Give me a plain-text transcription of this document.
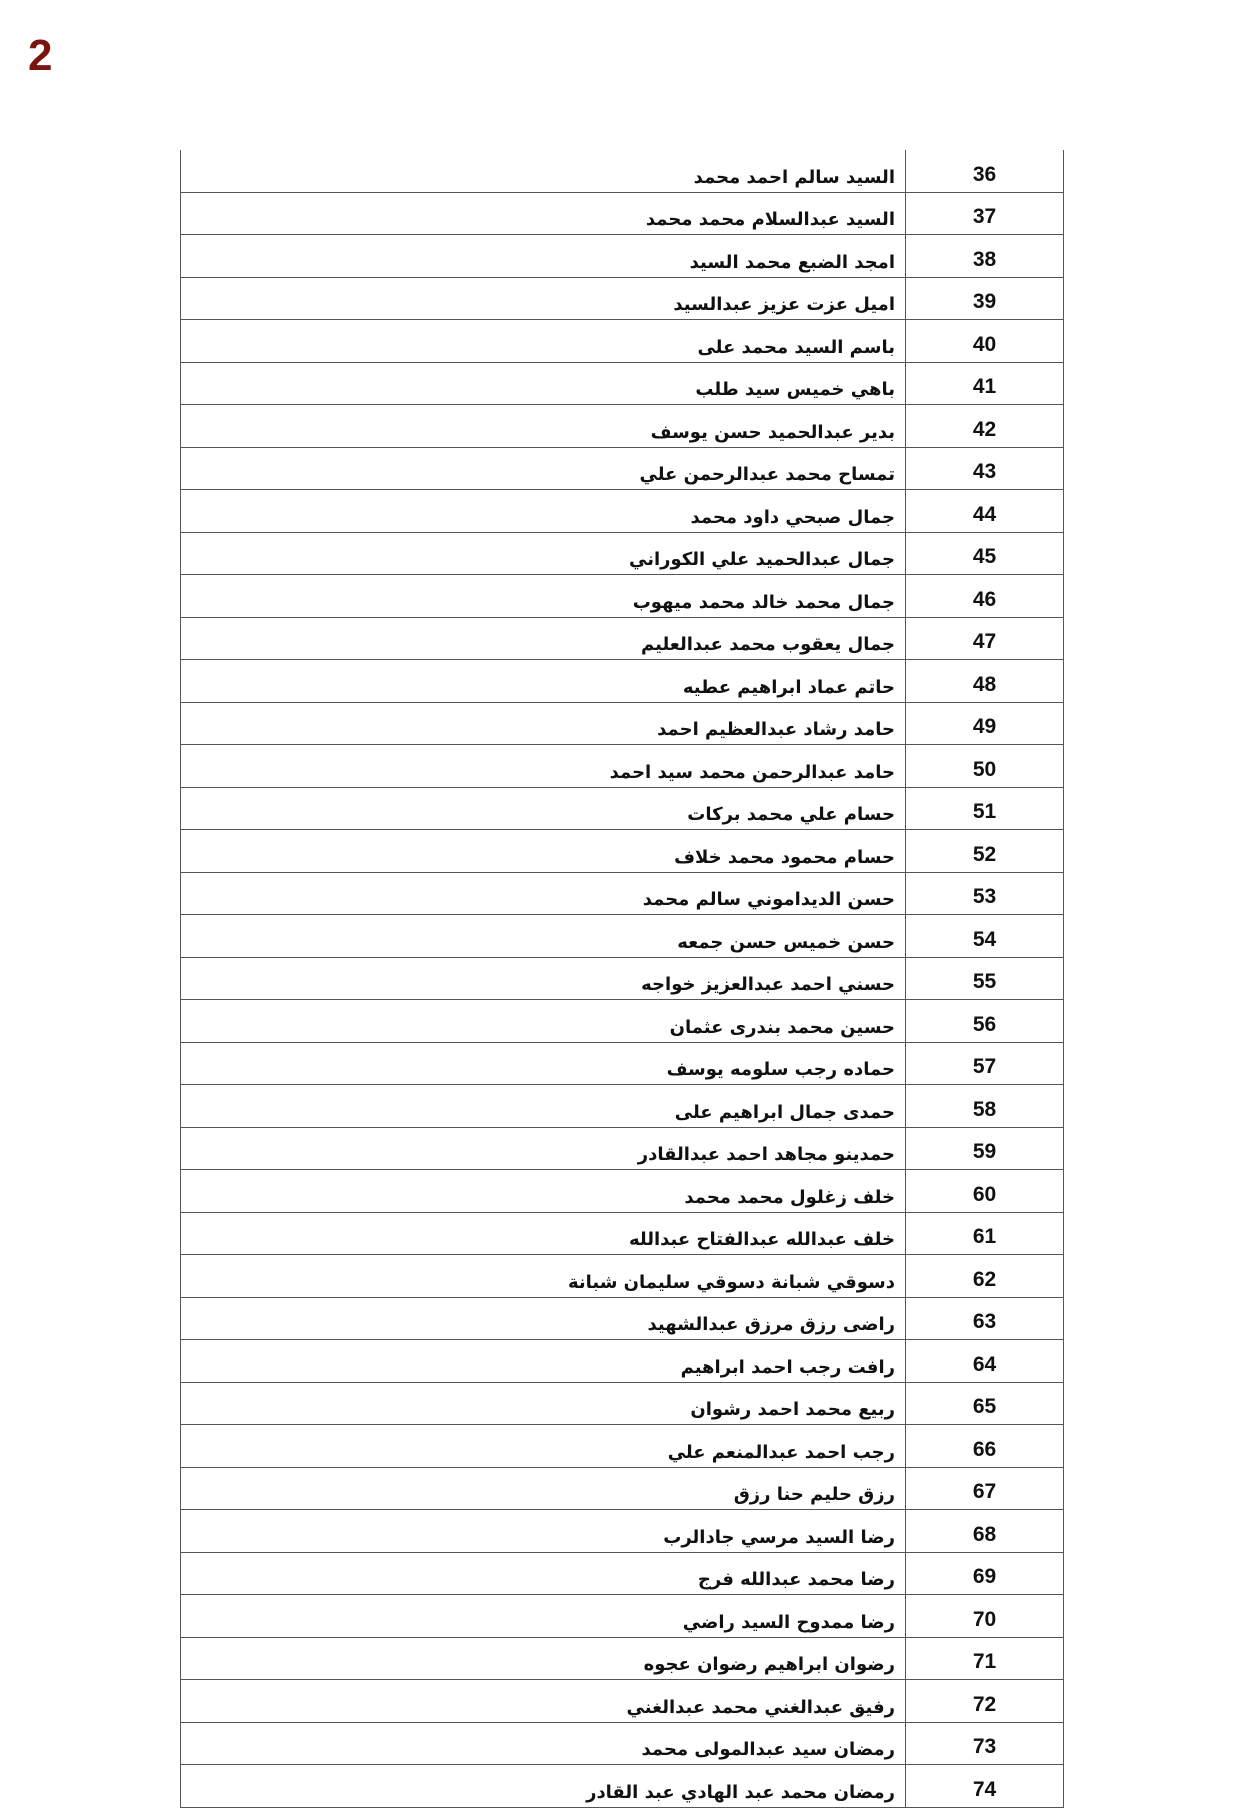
2
36	السيد سالم احمد محمد
37	السيد عبدالسلام محمد محمد
38	امجد الضبع محمد السيد
39	اميل عزت عزيز عبدالسيد
40	باسم السيد محمد على
41	باهي خميس سيد طلب
42	بدير عبدالحميد حسن يوسف
43	تمساح محمد عبدالرحمن علي
44	جمال صبحي داود محمد
45	جمال عبدالحميد علي الكوراني
46	جمال محمد خالد محمد ميهوب
47	جمال يعقوب محمد عبدالعليم
48	حاتم عماد ابراهيم عطيه
49	حامد رشاد عبدالعظيم احمد
50	حامد عبدالرحمن محمد سيد احمد
51	حسام علي محمد بركات
52	حسام محمود محمد خلاف
53	حسن الديداموني سالم محمد
54	حسن خميس حسن جمعه
55	حسني احمد عبدالعزيز خواجه
56	حسين محمد بندرى عثمان
57	حماده رجب سلومه يوسف
58	حمدى جمال ابراهيم على
59	حمدينو مجاهد احمد عبدالقادر
60	خلف زغلول محمد محمد
61	خلف عبدالله عبدالفتاح عبدالله
62	دسوقي شبانة دسوقي سليمان شبانة
63	راضى رزق مرزق عبدالشهيد
64	رافت رجب احمد ابراهيم
65	ربيع محمد احمد رشوان
66	رجب احمد عبدالمنعم علي
67	رزق حليم حنا رزق
68	رضا السيد مرسي جادالرب
69	رضا محمد عبدالله فرج
70	رضا ممدوح السيد راضي
71	رضوان ابراهيم رضوان عجوه
72	رفيق عبدالغني محمد عبدالغني
73	رمضان سيد عبدالمولى محمد
74	رمضان محمد عبد الهادي عبد القادر
